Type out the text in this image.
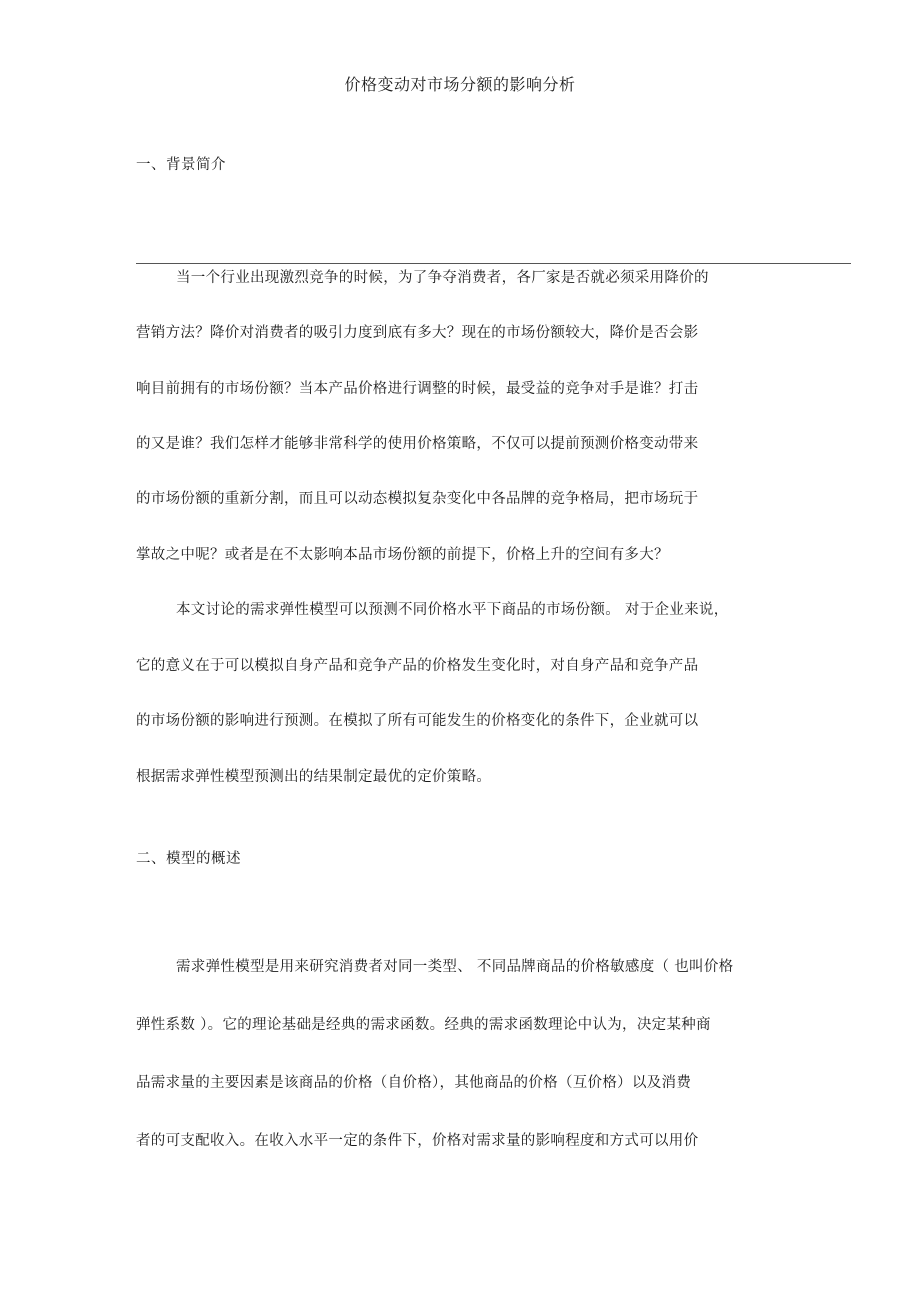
价格变动对市场分额的影响分析
一、背景简介
当一个行业出现激烈竞争的时候，为了争夺消费者，各厂家是否就必须采用降价的
营销方法？降价对消费者的吸引力度到底有多大？现在的市场份额较大，降价是否会影
响目前拥有的市场份额？当本产品价格进行调整的时候，最受益的竞争对手是谁？打击
的又是谁？我们怎样才能够非常科学的使用价格策略，不仅可以提前预测价格变动带来
的市场份额的重新分割，而且可以动态模拟复杂变化中各品牌的竞争格局，把市场玩于
掌故之中呢？或者是在不太影响本品市场份额的前提下，价格上升的空间有多大？
本文讨论的需求弹性模型可以预测不同价格水平下商品的市场份额。 对于企业来说，
它的意义在于可以模拟自身产品和竞争产品的价格发生变化时，对自身产品和竞争产品
的市场份额的影响进行预测。在模拟了所有可能发生的价格变化的条件下，企业就可以
根据需求弹性模型预测出的结果制定最优的定价策略。
二、模型的概述
需求弹性模型是用来研究消费者对同一类型、 不同品牌商品的价格敏感度（ 也叫价格
弹性系数 ）。它的理论基础是经典的需求函数。经典的需求函数理论中认为，决定某种商
品需求量的主要因素是该商品的价格（自价格），其他商品的价格（互价格）以及消费
者的可支配收入。在收入水平一定的条件下，价格对需求量的影响程度和方式可以用价
